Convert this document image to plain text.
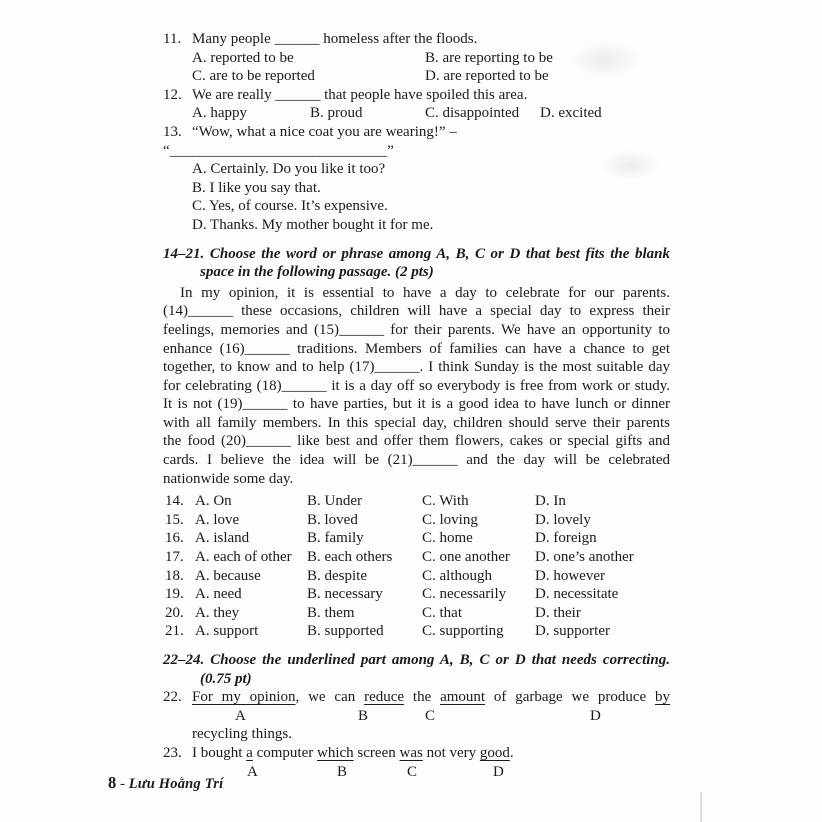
11. Many people ______ homeless after the floods.
A. reported to be	B. are reporting to be
C. are to be reported	D. are reported to be
12. We are really ______ that people have spoiled this area.
A. happy	B. proud	C. disappointed	D. excited
13. “Wow, what a nice coat you are wearing!” – “_____________________________”
A. Certainly. Do you like it too?
B. I like you say that.
C. Yes, of course. It’s expensive.
D. Thanks. My mother bought it for me.
14–21. Choose the word or phrase among A, B, C or D that best fits the blank
space in the following passage. (2 pts)
In my opinion, it is essential to have a day to celebrate for our parents.
(14)______ these occasions, children will have a special day to express their
feelings, memories and (15)______ for their parents. We have an opportunity to
enhance (16)______ traditions. Members of families can have a chance to get
together, to know and to help (17)______. I think Sunday is the most suitable day
for celebrating (18)______ it is a day off so everybody is free from work or study.
It is not (19)______ to have parties, but it is a good idea to have lunch or dinner
with all family members. In this special day, children should serve their parents
the food (20)______ like best and offer them flowers, cakes or special gifts and
cards. I believe the idea will be (21)______ and the day will be celebrated
nationwide some day.
14. A. On	B. Under	C. With	D. In
15. A. love	B. loved	C. loving	D. lovely
16. A. island	B. family	C. home	D. foreign
17. A. each of other	B. each others	C. one another	D. one’s another
18. A. because	B. despite	C. although	D. however
19. A. need	B. necessary	C. necessarily	D. necessitate
20. A. they	B. them	C. that	D. their
21. A. support	B. supported	C. supporting	D. supporter
22–24. Choose the underlined part among A, B, C or D that needs correcting.
(0.75 pt)
22. For my opinion, we can reduce the amount of garbage we produce by
A	B	C	D
recycling things.
23. I bought a computer which screen was not very good.
A	B	C	D
8 - Lưu Hoằng Trí
